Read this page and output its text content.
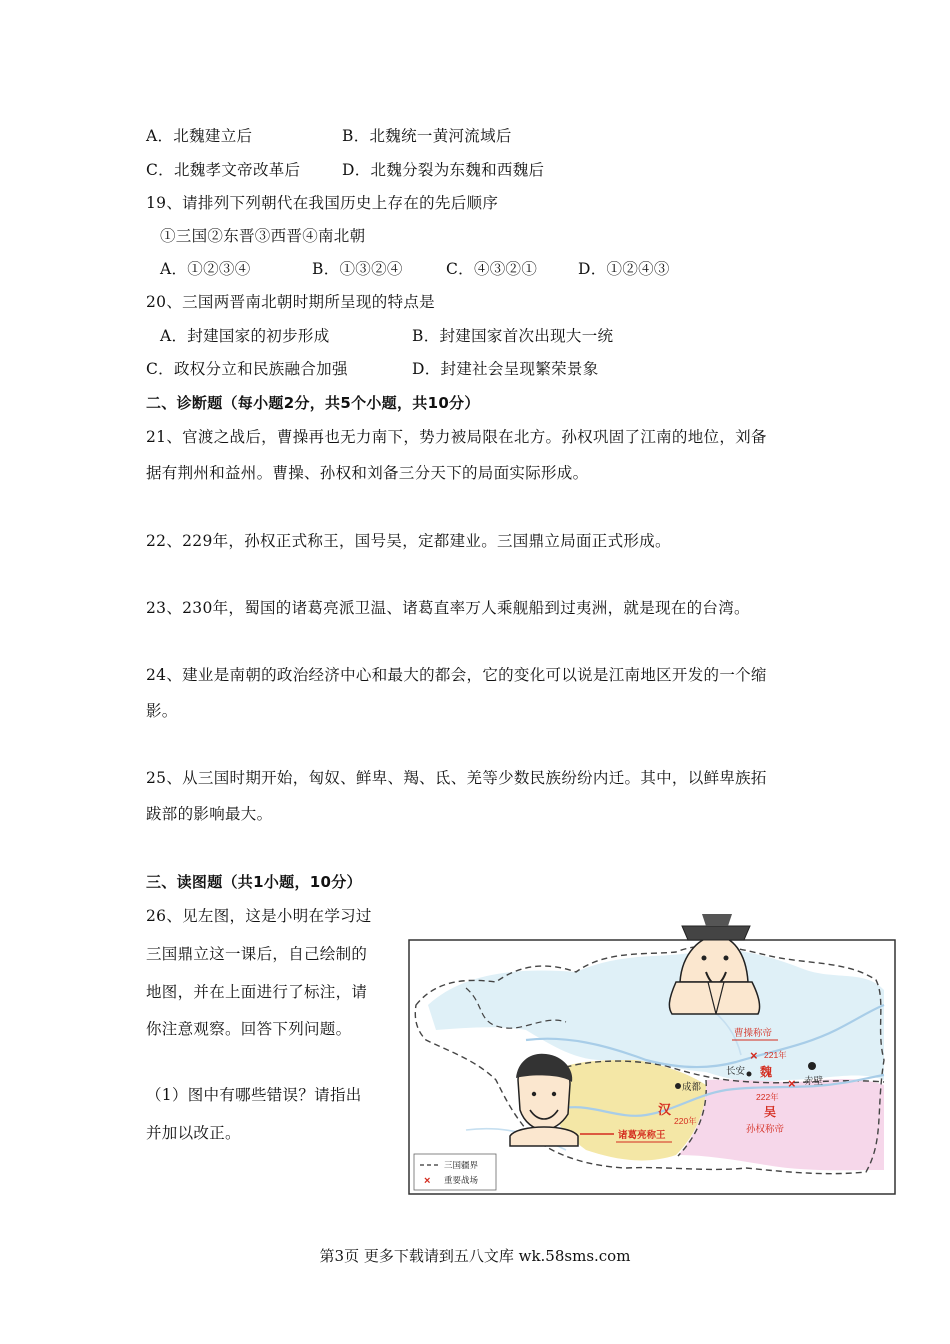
A．北魏建立后	B．北魏统一黄河流域后
C．北魏孝文帝改革后	D．北魏分裂为东魏和西魏后
19、请排列下列朝代在我国历史上存在的先后顺序
①三国②东晋③西晋④南北朝
A．①②③④	B．①③②④	C．④③②①	D．①②④③
20、三国两晋南北朝时期所呈现的特点是
A．封建国家的初步形成	B．封建国家首次出现大一统
C．政权分立和民族融合加强	D．封建社会呈现繁荣景象
二、诊断题（每小题2分，共5个小题，共10分）
21、官渡之战后，曹操再也无力南下，势力被局限在北方。孙权巩固了江南的地位，刘备
据有荆州和益州。曹操、孙权和刘备三分天下的局面实际形成。
22、229年，孙权正式称王，国号吴，定都建业。三国鼎立局面正式形成。
23、230年，蜀国的诸葛亮派卫温、诸葛直率万人乘舰船到过夷洲，就是现在的台湾。
24、建业是南朝的政治经济中心和最大的都会，它的变化可以说是江南地区开发的一个缩
影。
25、从三国时期开始，匈奴、鲜卑、羯、氐、羌等少数民族纷纷内迁。其中，以鲜卑族拓
跋部的影响最大。
三、读图题（共1小题，10分）
26、见左图，这是小明在学习过
三国鼎立这一课后，自己绘制的
地图，并在上面进行了标注，请
你注意观察。回答下列问题。
（1）图中有哪些错误？请指出
并加以改正。
曹操称帝
221年
魏
×
长安
赤壁
×
222年
吴
孙权称帝
成都
汉
220年
诸葛亮称王
三国疆界
× 重要战场
第3页 更多下载请到五八文库 wk.58sms.com
